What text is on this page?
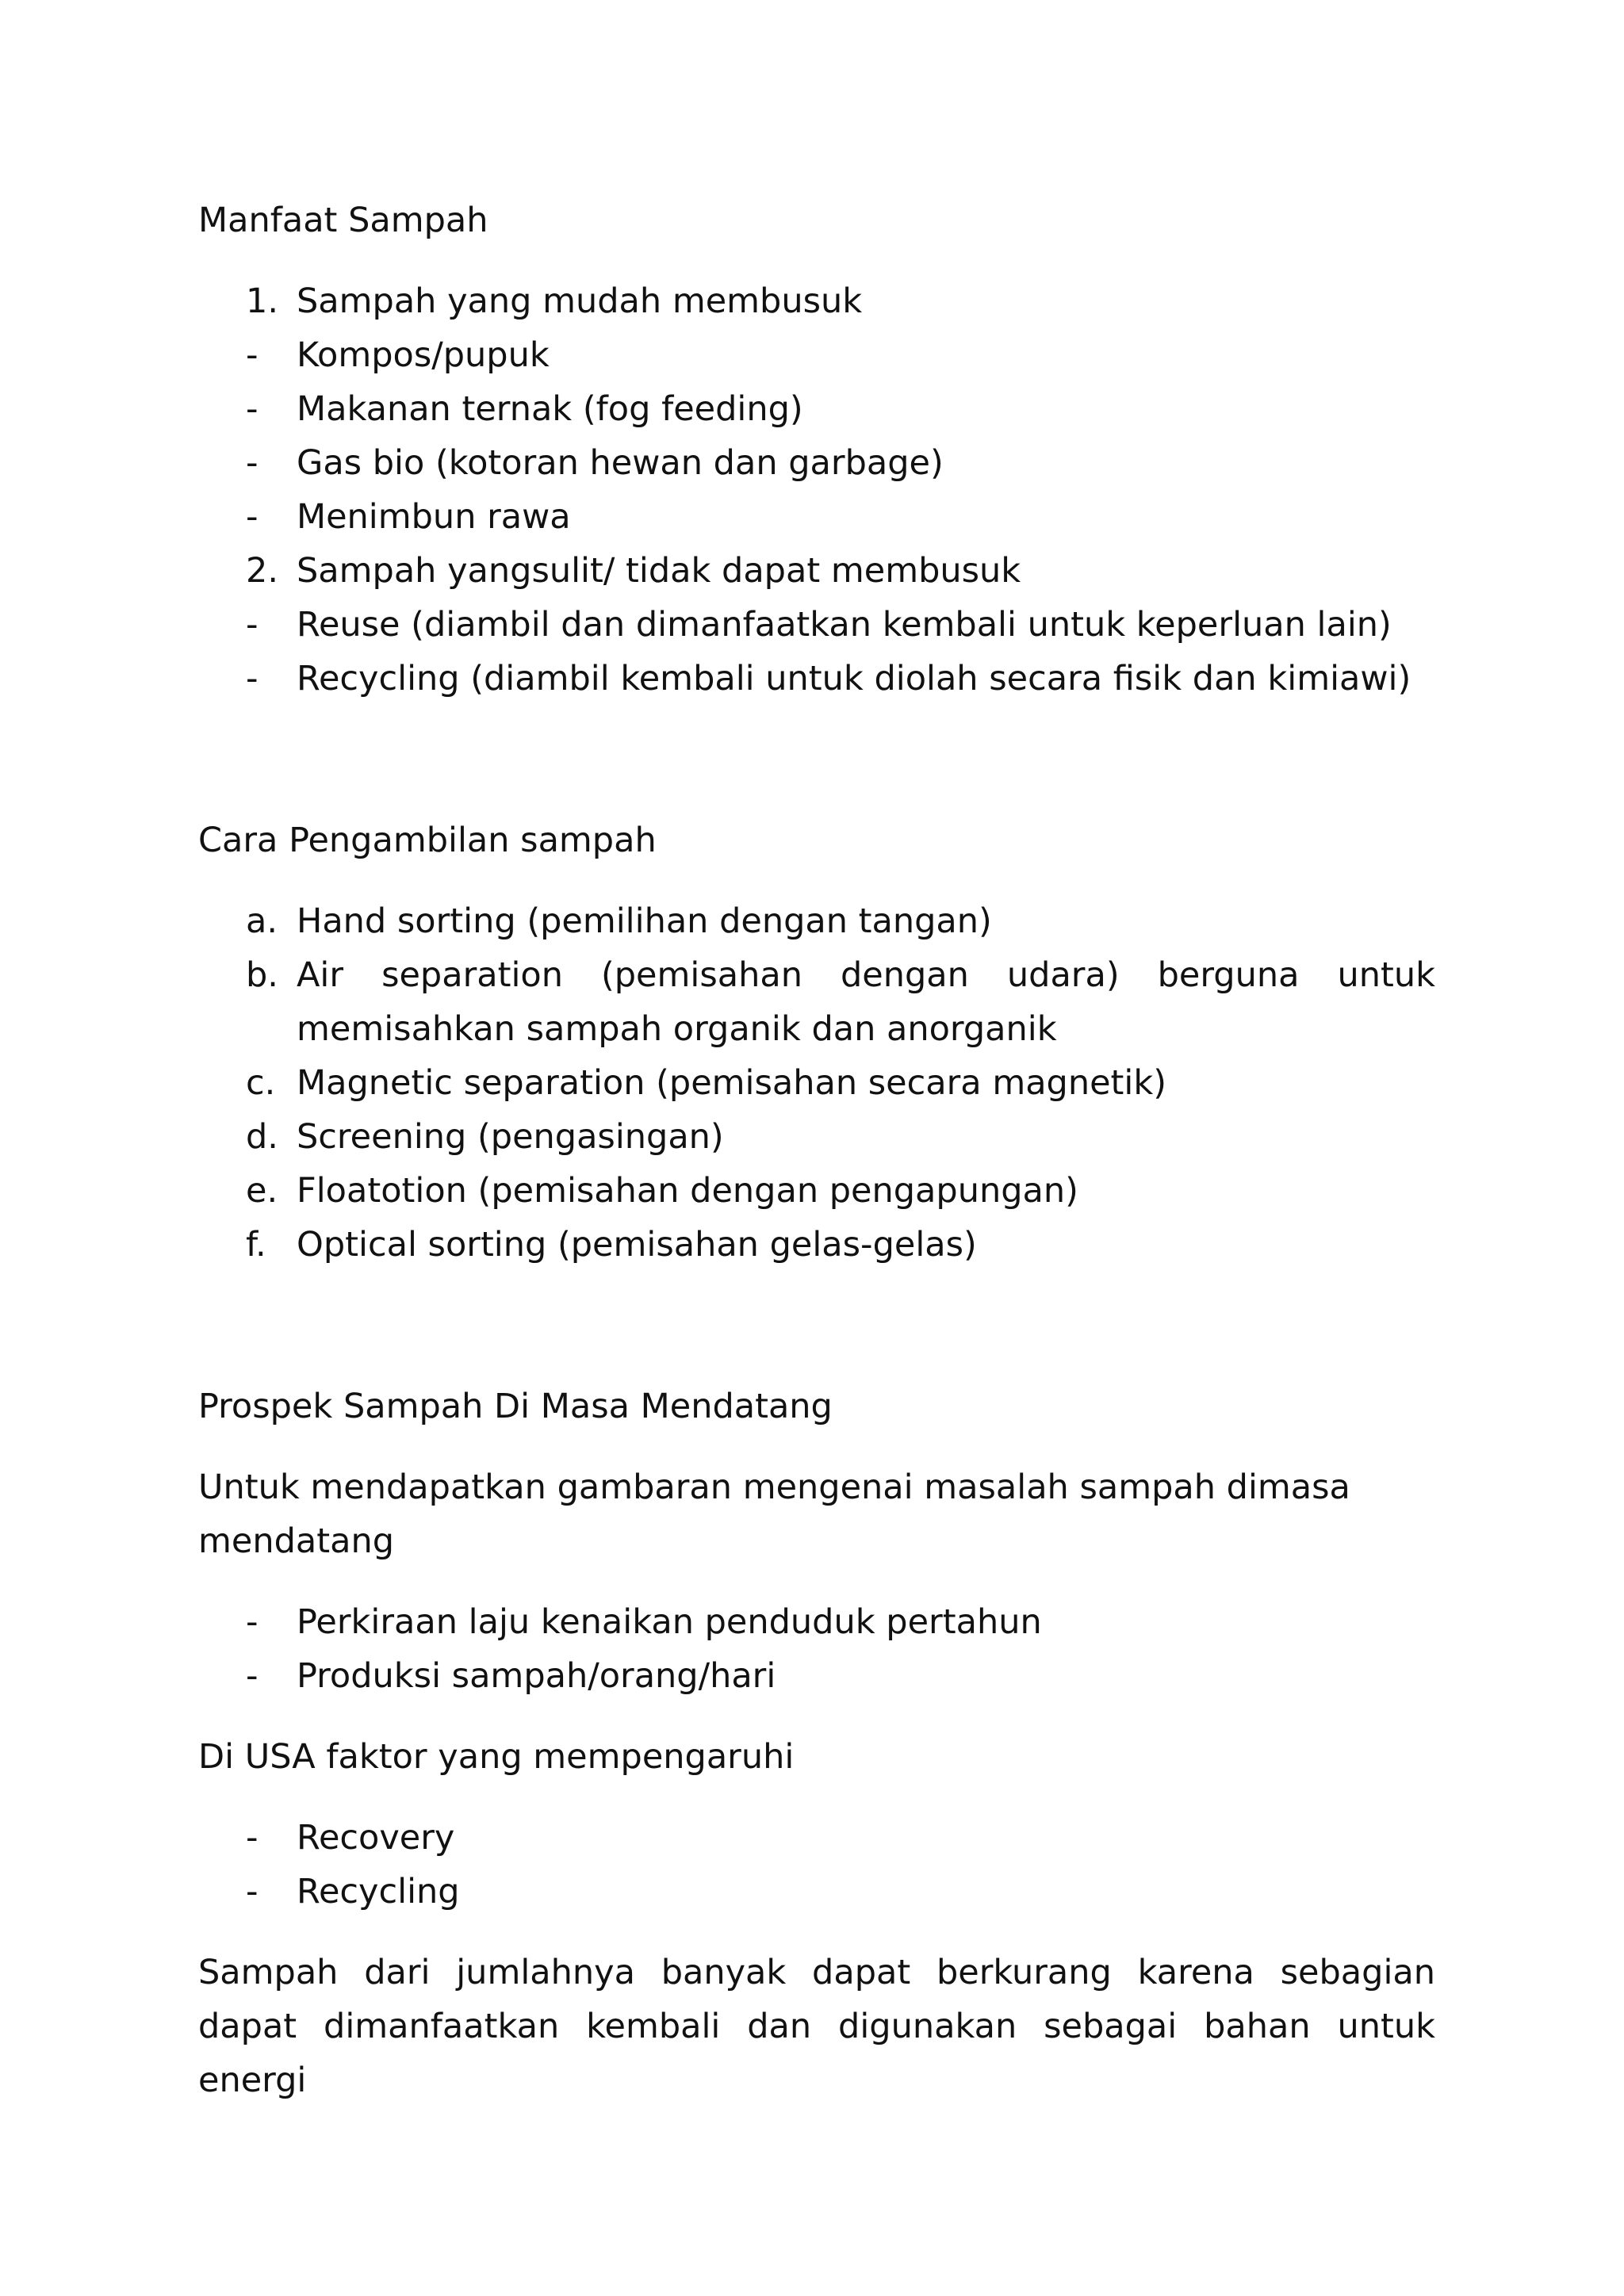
Manfaat Sampah
1. Sampah yang mudah membusuk
- Kompos/pupuk
- Makanan ternak (fog feeding)
- Gas bio (kotoran hewan dan garbage)
- Menimbun rawa
2. Sampah yangsulit/ tidak dapat membusuk
- Reuse (diambil dan dimanfaatkan kembali untuk keperluan lain)
- Recycling (diambil kembali untuk diolah secara fisik dan kimiawi)
Cara Pengambilan sampah
a. Hand sorting (pemilihan dengan tangan)
b. Air separation (pemisahan dengan udara) berguna untuk memisahkan sampah organik dan anorganik
c. Magnetic separation (pemisahan secara magnetik)
d. Screening (pengasingan)
e. Floatotion (pemisahan dengan pengapungan)
f. Optical sorting (pemisahan gelas-gelas)
Prospek Sampah Di Masa Mendatang

Untuk mendapatkan gambaran mengenai masalah sampah dimasa mendatang

- Perkiraan laju kenaikan penduduk pertahun
- Produksi sampah/orang/hari

Di USA faktor yang mempengaruhi

- Recovery
- Recycling

Sampah dari jumlahnya banyak dapat berkurang karena sebagian dapat dimanfaatkan kembali dan digunakan sebagai bahan untuk energi
